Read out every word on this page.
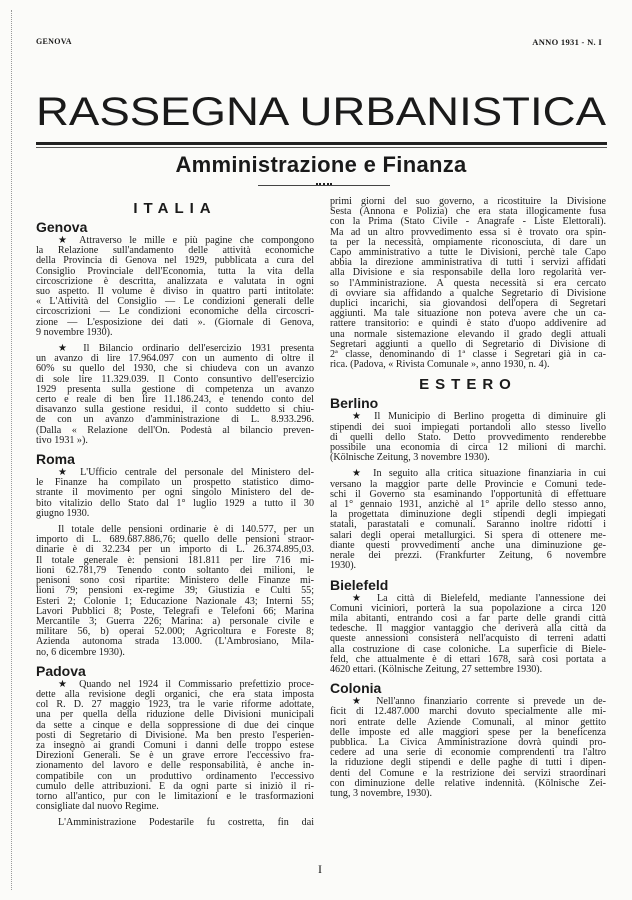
GENOVA	ANNO 1931 - N. I
RASSEGNA URBANISTICA
Amministrazione e Finanza
ITALIA
Genova
★ Attraverso le mille e più pagine che compongono
la Relazione sull'andamento delle attività economiche
della Provincia di Genova nel 1929, pubblicata a cura del
Consiglio Provinciale dell'Economia, tutta la vita della
circoscrizione è descritta, analizzata e valutata in ogni
suo aspetto. Il volume è diviso in quattro parti intitolate:
« L'Attività del Consiglio — Le condizioni generali delle
circoscrizioni — Le condizioni economiche della circoscri-
zione — L'esposizione dei dati ». (Giornale di Genova,
9 novembre 1930).
★ Il Bilancio ordinario dell'esercizio 1931 presenta
un avanzo di lire 17.964.097 con un aumento di oltre il
60% su quello del 1930, che si chiudeva con un avanzo
di sole lire 11.329.039. Il Conto consuntivo dell'esercizio
1929 presenta sulla gestione di competenza un avanzo
certo e reale di ben lire 11.186.243, e tenendo conto del
disavanzo sulla gestione residui, il conto suddetto si chiu-
de con un avanzo d'amministrazione di L. 8.933.296.
(Dalla « Relazione dell'On. Podestà al bilancio preven-
tivo 1931 »).
Roma
★ L'Ufficio centrale del personale del Ministero del-
le Finanze ha compilato un prospetto statistico dimo-
strante il movimento per ogni singolo Ministero del de-
bito vitalizio dello Stato dal 1° luglio 1929 a tutto il 30
giugno 1930.
Il totale delle pensioni ordinarie è di 140.577, per un
importo di L. 689.687.886,76; quello delle pensioni straor-
dinarie è di 32.234 per un importo di L. 26.374.895,03.
Il totale generale è: pensioni 181.811 per lire 716 mi-
lioni 62.781,79 Tenendo conto soltanto dei milioni, le
penisoni sono così ripartite: Ministero delle Finanze mi-
lioni 79; pensioni ex-regime 39; Giustizia e Culti 55;
Esteri 2; Colonie 1; Educazione Nazionale 43; Interni 55;
Lavori Pubblici 8; Poste, Telegrafi e Telefoni 66; Marina
Mercantile 3; Guerra 226; Marina: a) personale civile e
militare 56, b) operai 52.000; Agricoltura e Foreste 8;
Azienda autonoma strada 13.000. (L'Ambrosiano, Mila-
no, 6 dicembre 1930).
Padova
★ Quando nel 1924 il Commissario prefettizio proce-
dette alla revisione degli organici, che era stata imposta
col R. D. 27 maggio 1923, tra le varie riforme adottate,
una per quella della riduzione delle Divisioni municipali
da sette a cinque e della soppressione di due dei cinque
posti di Segretario di Divisione. Ma ben presto l'esperien-
za insegnò ai grandi Comuni i danni delle troppo estese
Direzioni Generali. Se è un grave errore l'eccessivo fra-
zionamento del lavoro e delle responsabilità, è anche in-
compatibile con un produttivo ordinamento l'eccessivo
cumulo delle attribuzioni. E da ogni parte si iniziò il ri-
torno all'antico, pur con le limitazioni e le trasformazioni
consigliate dal nuovo Regime.
L'Amministrazione Podestarile fu costretta, fin dai
primi giorni del suo governo, a ricostituire la Divisione
Sesta (Annona e Polizia) che era stata illogicamente fusa
con la Prima (Stato Civile - Anagrafe - Liste Elettorali).
Ma ad un altro provvedimento essa si è trovato ora spin-
ta per la necessità, ompiamente riconosciuta, di dare un
Capo amministrativo a tutte le Divisioni, perchè tale Capo
abbia la direzione amministrativa di tutti i servizi affidati
alla Divisione e sia responsabile della loro regolarità ver-
so l'Amministrazione. A questa necessità si era cercato
di ovviare sia affidando a qualche Segretario di Divisione
duplici incarichi, sia giovandosi dell'opera di Segretari
aggiunti. Ma tale situazione non poteva avere che un ca-
rattere transitorio: e quindi è stato d'uopo addivenire ad
una normale sistemazione elevando il grado degli attuali
Segretari aggiunti a quello di Segretario di Divisione di
2ª classe, denominando di 1ª classe i Segretari già in ca-
rica. (Padova, « Rivista Comunale », anno 1930, n. 4).
ESTERO
Berlino
★ Il Municipio di Berlino progetta di diminuire gli
stipendi dei suoi impiegati portandoli allo stesso livello
di quelli dello Stato. Detto provvedimento renderebbe
possibile una economia di circa 12 milioni di marchi.
(Kölnische Zeitung, 3 novembre 1930).
★ In seguito alla critica situazione finanziaria in cui
versano la maggior parte delle Provincie e Comuni tede-
schi il Governo sta esaminando l'opportunità di effettuare
al 1° gennaio 1931, anzichè al 1° aprile dello stesso anno,
la progettata diminuzione degli stipendi degli impiegati
statali, parastatali e comunali. Saranno inoltre ridotti i
salari degli operai metallurgici. Si spera di ottenere me-
diante questi provvedimenti anche una diminuzione ge-
nerale dei prezzi. (Frankfurter Zeitung, 6 novembre
1930).
Bielefeld
★ La città di Bielefeld, mediante l'annessione dei
Comuni viciniori, porterà la sua popolazione a circa 120
mila abitanti, entrando così a far parte delle grandi città
tedesche. Il maggior vantaggio che deriverà alla città da
queste annessioni consisterà nell'acquisto di terreni adatti
alla costruzione di case coloniche. La superficie di Biele-
feld, che attualmente è di ettari 1678, sarà così portata a
4620 ettari. (Kölnische Zeitung, 27 settembre 1930).
Colonia
★ Nell'anno finanziario corrente si prevede un de-
ficit di 12.487.000 marchi dovuto specialmente alle mi-
nori entrate delle Aziende Comunali, al minor gettito
delle imposte ed alle maggiori spese per la beneficenza
pubblica. La Civica Amministrazione dovrà quindi pro-
cedere ad una serie di economie comprendenti tra l'altro
la riduzione degli stipendi e delle paghe di tutti i dipen-
denti del Comune e la restrizione dei servizi straordinari
con diminuzione delle relative indennità. (Kölnische Zei-
tung, 3 novembre, 1930).
I
